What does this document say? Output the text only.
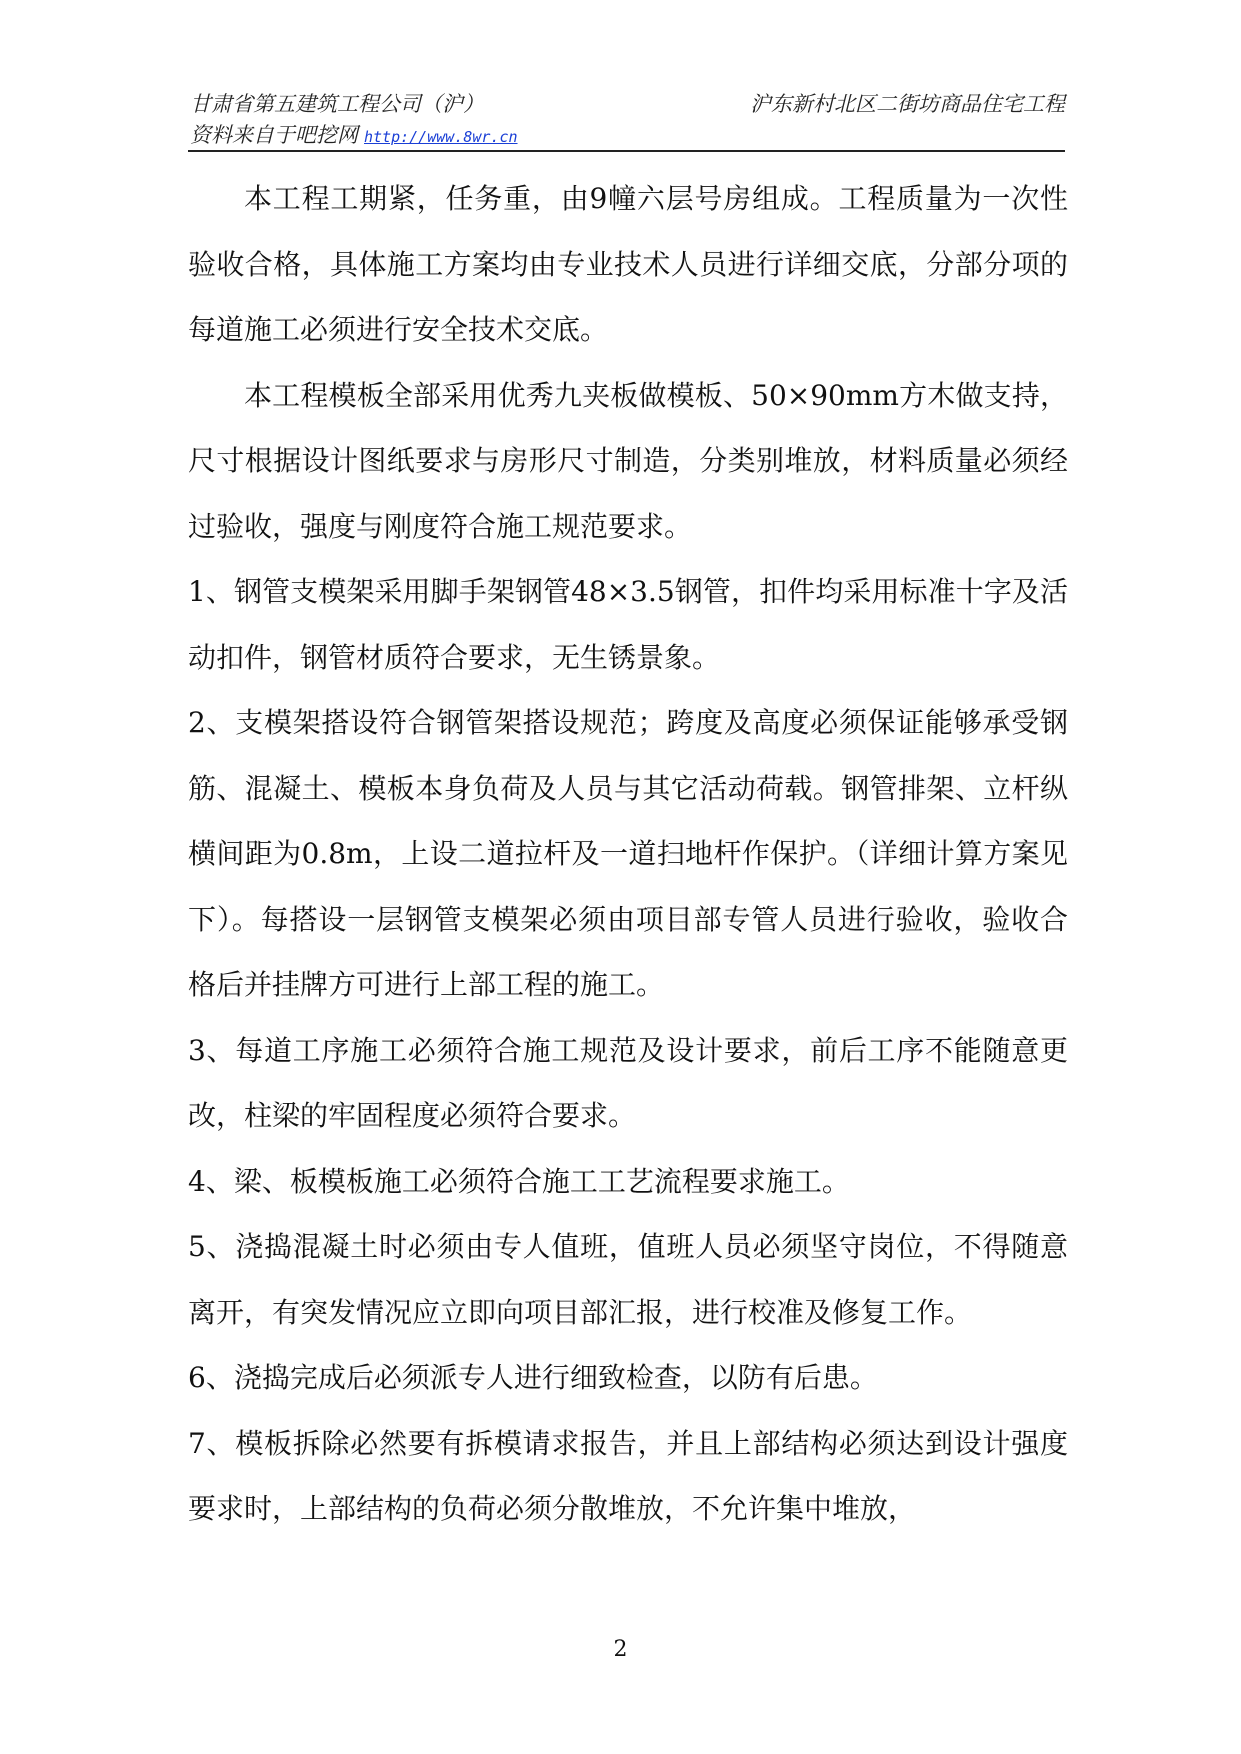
甘肃省第五建筑工程公司（沪）	沪东新村北区二街坊商品住宅工程
资料来自于吧挖网 http://www.8wr.cn

本工程工期紧，任务重，由9幢六层号房组成。工程质量为一次性验收合格，具体施工方案均由专业技术人员进行详细交底，分部分项的每道施工必须进行安全技术交底。

本工程模板全部采用优秀九夹板做模板、50×90mm方木做支持，尺寸根据设计图纸要求与房形尺寸制造，分类别堆放，材料质量必须经过验收，强度与刚度符合施工规范要求。

1、钢管支模架采用脚手架钢管48×3.5钢管，扣件均采用标准十字及活动扣件，钢管材质符合要求，无生锈景象。

2、支模架搭设符合钢管架搭设规范；跨度及高度必须保证能够承受钢筋、混凝土、模板本身负荷及人员与其它活动荷载。钢管排架、立杆纵横间距为0.8m，上设二道拉杆及一道扫地杆作保护。（详细计算方案见下）。每搭设一层钢管支模架必须由项目部专管人员进行验收，验收合格后并挂牌方可进行上部工程的施工。

3、每道工序施工必须符合施工规范及设计要求，前后工序不能随意更改，柱梁的牢固程度必须符合要求。

4、梁、板模板施工必须符合施工工艺流程要求施工。

5、浇捣混凝土时必须由专人值班，值班人员必须坚守岗位，不得随意离开，有突发情况应立即向项目部汇报，进行校准及修复工作。

6、浇捣完成后必须派专人进行细致检查，以防有后患。

7、模板拆除必然要有拆模请求报告，并且上部结构必须达到设计强度要求时，上部结构的负荷必须分散堆放，不允许集中堆放，

2
